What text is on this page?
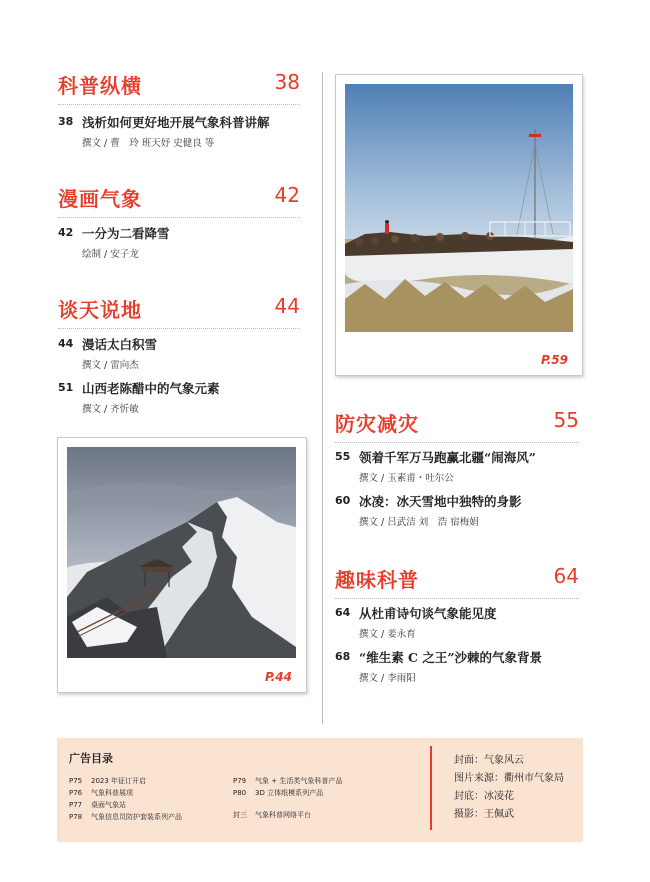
科普纵横	38
38 浅析如何更好地开展气象科普讲解
撰文 / 曹　玲 班天妤 史健良 等
漫画气象	42
42 一分为二看降雪
绘制 / 安子龙
谈天说地	44
44 漫话太白积雪
撰文 / 雷向杰
51 山西老陈醋中的气象元素
撰文 / 齐忻敏
P.44
P.59
防灾减灾	55
55 领着千军万马跑赢北疆“闹海风”
撰文 / 玉素甫・吐尔公
60 冰凌：冰天雪地中独特的身影
撰文 / 吕武洁 刘　浩 宿梅娟
趣味科普	64
64 从杜甫诗句谈气象能见度
撰文 / 姜永育
68 “维生素 C 之王”沙棘的气象背景
撰文 / 李雨阳
广告目录
P75 2023 年征订开启
P76 气象科普展项
P77 桌面气象站
P78 气象信息员防护套装系列产品
P79 气象 + 生活类气象科普产品
P80 3D 立体纸模系列产品
封三 气象科普网络平台
封面：气象风云
图片来源：衢州市气象局
封底：冰凌花
摄影：王佩武
